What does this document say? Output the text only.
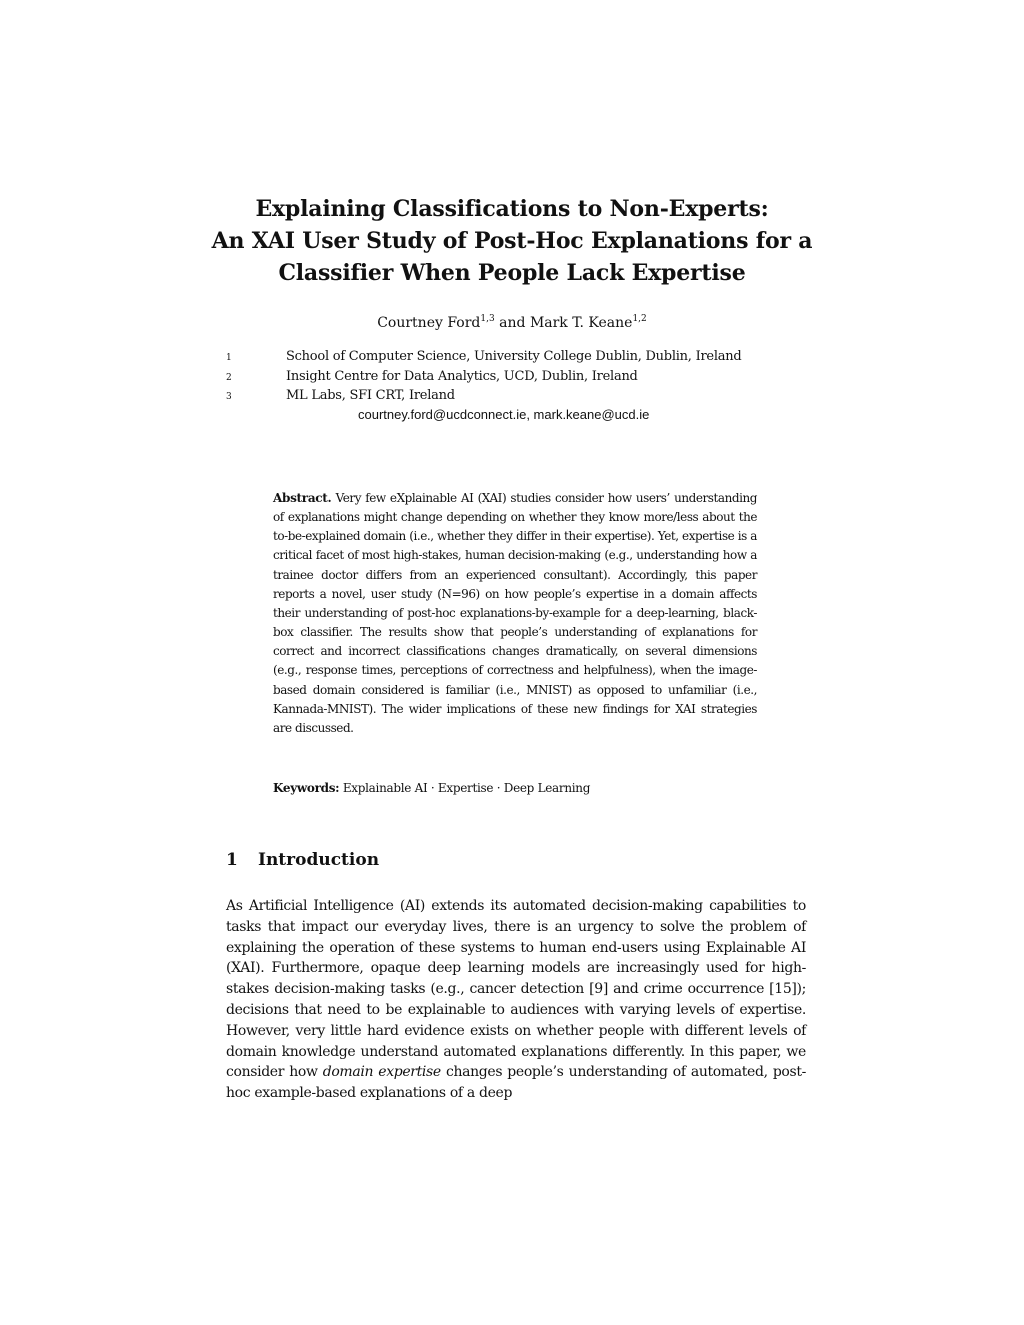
Explaining Classifications to Non-Experts:
An XAI User Study of Post-Hoc Explanations for a
Classifier When People Lack Expertise
Courtney Ford$^{1,3}$ and Mark T. Keane$^{1,2}$
1	School of Computer Science, University College Dublin, Dublin, Ireland
2	Insight Centre for Data Analytics, UCD, Dublin, Ireland
3	ML Labs, SFI CRT, Ireland
courtney.ford@ucdconnect.ie, mark.keane@ucd.ie
Abstract. Very few eXplainable AI (XAI) studies consider how users’ understanding of explanations might change depending on whether they know more/less about the to-be-explained domain (i.e., whether they differ in their expertise). Yet, expertise is a critical facet of most high-stakes, human decision-making (e.g., understanding how a trainee doctor differs from an experienced consultant). Accordingly, this paper reports a novel, user study (N=96) on how people’s expertise in a domain affects their understanding of post-hoc explanations-by-example for a deep-learning, black-box classifier. The results show that people’s understanding of explanations for correct and incorrect classifications changes dramatically, on several dimensions (e.g., response times, perceptions of correctness and helpfulness), when the image-based domain considered is familiar (i.e., MNIST) as opposed to unfamiliar (i.e., Kannada-MNIST). The wider implications of these new findings for XAI strategies are discussed.
Keywords: Explainable AI · Expertise · Deep Learning
1 Introduction
As Artificial Intelligence (AI) extends its automated decision-making capabilities to tasks that impact our everyday lives, there is an urgency to solve the problem of explaining the operation of these systems to human end-users using Explainable AI (XAI). Furthermore, opaque deep learning models are increasingly used for high-stakes decision-making tasks (e.g., cancer detection [9] and crime occurrence [15]); decisions that need to be explainable to audiences with varying levels of expertise. However, very little hard evidence exists on whether people with different levels of domain knowledge understand automated explanations differently. In this paper, we consider how domain expertise changes people’s understanding of automated, post-hoc example-based explanations of a deep
